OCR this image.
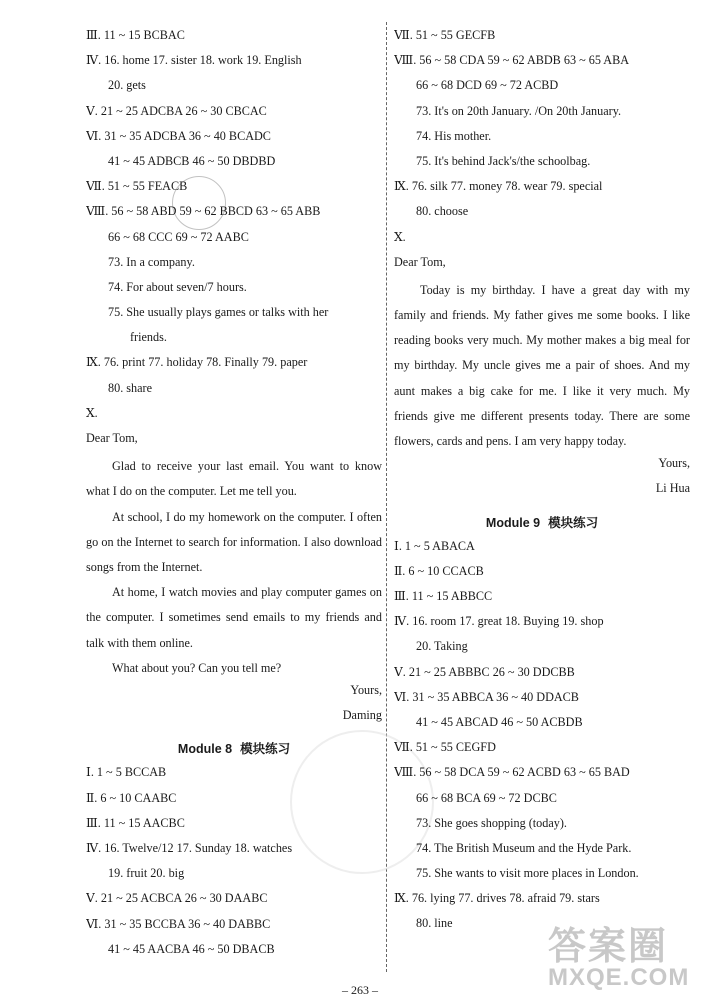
Ⅲ. 11 ~ 15 BCBAC
Ⅳ. 16. home 17. sister 18. work 19. English
20. gets
Ⅴ. 21 ~ 25 ADCBA 26 ~ 30 CBCAC
Ⅵ. 31 ~ 35 ADCBA 36 ~ 40 BCADC
41 ~ 45 ADBCB 46 ~ 50 DBDBD
Ⅶ. 51 ~ 55 FEACB
Ⅷ. 56 ~ 58 ABD 59 ~ 62 BBCD 63 ~ 65 ABB
66 ~ 68 CCC 69 ~ 72 AABC
73. In a company.
74. For about seven/7 hours.
75. She usually plays games or talks with her
friends.
Ⅸ. 76. print 77. holiday 78. Finally 79. paper
80. share
Ⅹ.
Dear Tom,
Glad to receive your last email. You want to know what I do on the computer. Let me tell you.
At school, I do my homework on the computer. I often go on the Internet to search for information. I also download songs from the Internet.
At home, I watch movies and play computer games on the computer. I sometimes send emails to my friends and talk with them online.
What about you? Can you tell me?
Yours,
Daming
Module 8 模块练习
Ⅰ. 1 ~ 5 BCCAB
Ⅱ. 6 ~ 10 CAABC
Ⅲ. 11 ~ 15 AACBC
Ⅳ. 16. Twelve/12 17. Sunday 18. watches
19. fruit 20. big
Ⅴ. 21 ~ 25 ACBCA 26 ~ 30 DAABC
Ⅵ. 31 ~ 35 BCCBA 36 ~ 40 DABBC
41 ~ 45 AACBA 46 ~ 50 DBACB
Ⅶ. 51 ~ 55 GECFB
Ⅷ. 56 ~ 58 CDA 59 ~ 62 ABDB 63 ~ 65 ABA
66 ~ 68 DCD 69 ~ 72 ACBD
73. It's on 20th January. /On 20th January.
74. His mother.
75. It's behind Jack's/the schoolbag.
Ⅸ. 76. silk 77. money 78. wear 79. special
80. choose
Ⅹ.
Dear Tom,
Today is my birthday. I have a great day with my family and friends. My father gives me some books. I like reading books very much. My mother makes a big meal for my birthday. My uncle gives me a pair of shoes. And my aunt makes a big cake for me. I like it very much. My friends give me different presents today. There are some flowers, cards and pens. I am very happy today.
Yours,
Li Hua
Module 9 模块练习
Ⅰ. 1 ~ 5 ABACA
Ⅱ. 6 ~ 10 CCACB
Ⅲ. 11 ~ 15 ABBCC
Ⅳ. 16. room 17. great 18. Buying 19. shop
20. Taking
Ⅴ. 21 ~ 25 ABBBC 26 ~ 30 DDCBB
Ⅵ. 31 ~ 35 ABBCA 36 ~ 40 DDACB
41 ~ 45 ABCAD 46 ~ 50 ACBDB
Ⅶ. 51 ~ 55 CEGFD
Ⅷ. 56 ~ 58 DCA 59 ~ 62 ACBD 63 ~ 65 BAD
66 ~ 68 BCA 69 ~ 72 DCBC
73. She goes shopping (today).
74. The British Museum and the Hyde Park.
75. She wants to visit more places in London.
Ⅸ. 76. lying 77. drives 78. afraid 79. stars
80. line
– 263 –
答案圈
MXQE.COM
